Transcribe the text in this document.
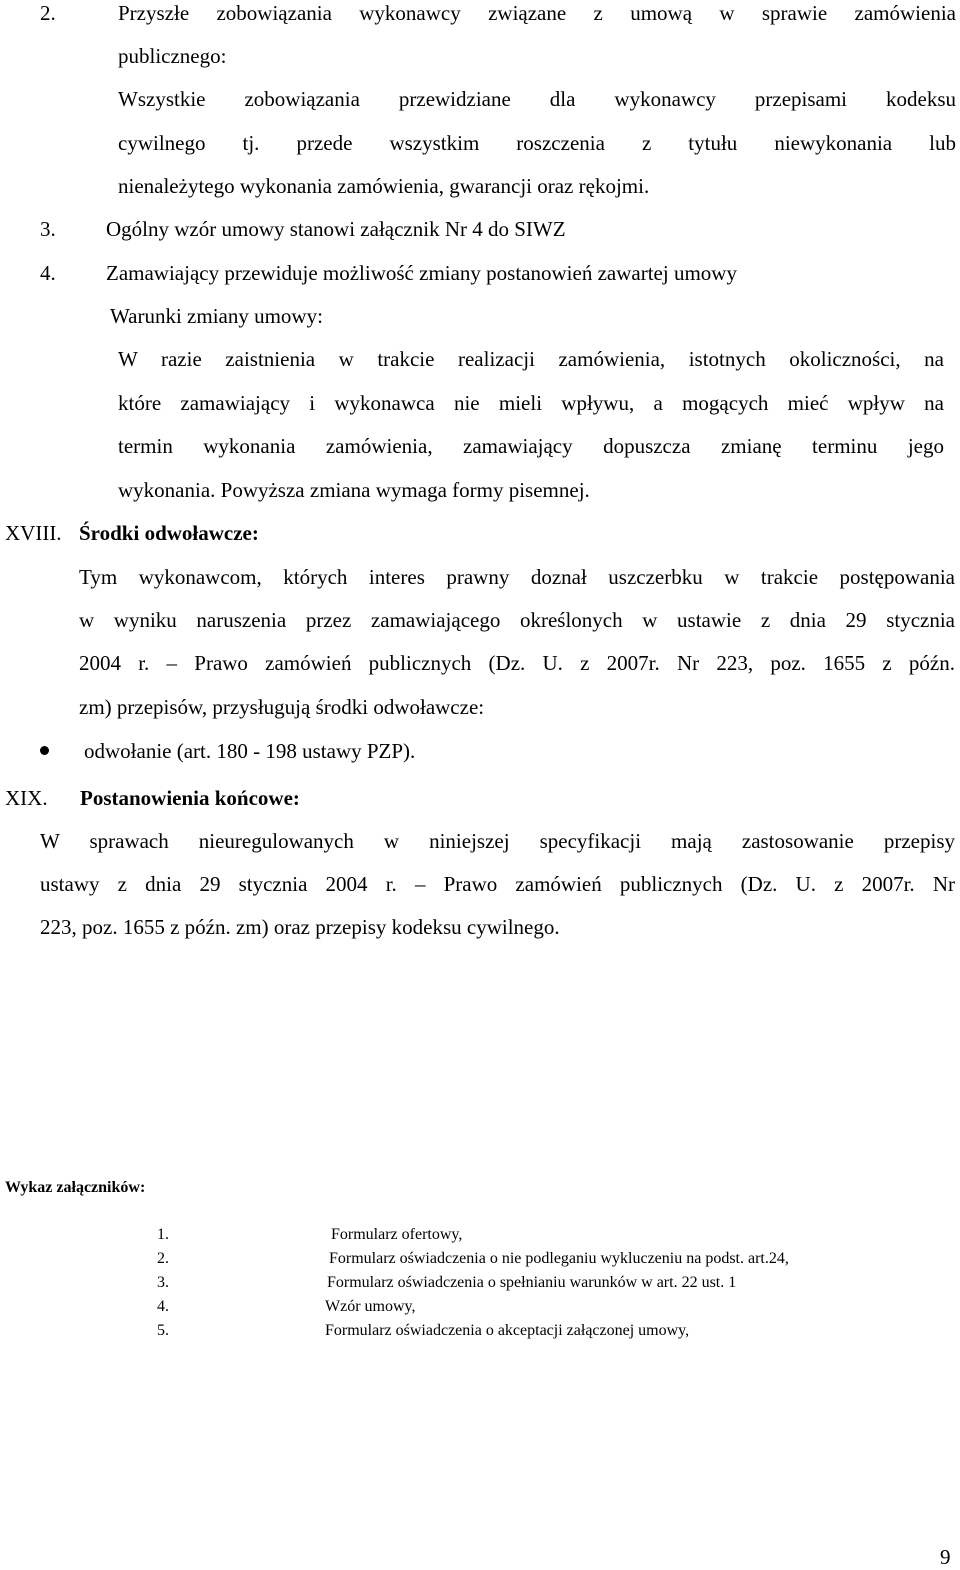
2.	Przyszłe zobowiązania wykonawcy związane z umową w sprawie zamówienia
publicznego:
Wszystkie zobowiązania przewidziane dla wykonawcy przepisami kodeksu
cywilnego tj. przede wszystkim roszczenia z tytułu niewykonania lub
nienależytego wykonania zamówienia, gwarancji oraz rękojmi.
3. Ogólny wzór umowy stanowi załącznik Nr 4 do SIWZ
4. Zamawiający przewiduje możliwość zmiany postanowień zawartej umowy
Warunki zmiany umowy:
W razie zaistnienia w trakcie realizacji zamówienia, istotnych okoliczności, na
które zamawiający i wykonawca nie mieli wpływu, a mogących mieć wpływ na
termin wykonania zamówienia, zamawiający dopuszcza zmianę terminu jego
wykonania. Powyższa zmiana wymaga formy pisemnej.
XVIII. Środki odwoławcze:
Tym wykonawcom, których interes prawny doznał uszczerbku w trakcie postępowania
w wyniku naruszenia przez zamawiającego określonych w ustawie z dnia 29 stycznia
2004 r. – Prawo zamówień publicznych (Dz. U. z 2007r. Nr 223, poz. 1655 z późn.
zm) przepisów, przysługują środki odwoławcze:
odwołanie (art. 180 - 198 ustawy PZP).
XIX. Postanowienia końcowe:
W sprawach nieuregulowanych w niniejszej specyfikacji mają zastosowanie przepisy
ustawy z dnia 29 stycznia 2004 r. – Prawo zamówień publicznych (Dz. U. z 2007r. Nr
223, poz. 1655 z późn. zm) oraz przepisy kodeksu cywilnego.
Wykaz załączników:
1.	Formularz ofertowy,
2.	Formularz oświadczenia o nie podleganiu wykluczeniu na podst. art.24,
3.	Formularz oświadczenia o spełnianiu warunków w art. 22 ust. 1
4.	Wzór umowy,
5.	Formularz oświadczenia o akceptacji załączonej umowy,
9
